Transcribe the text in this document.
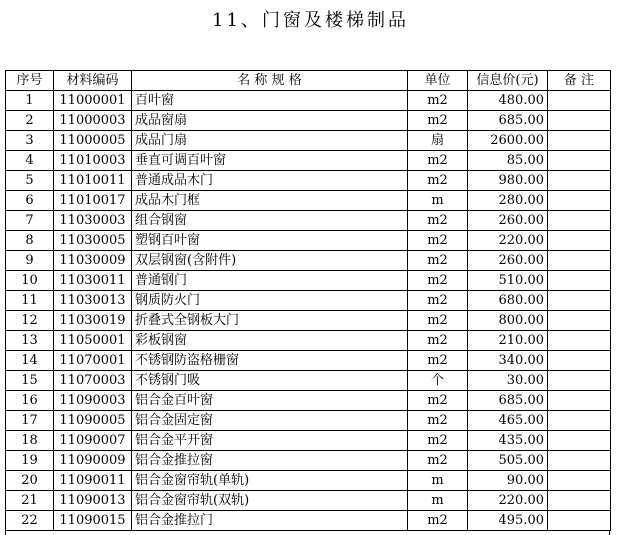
11、门窗及楼梯制品
序号	材料编码	名 称 规 格	单位	信息价(元)	备 注
1	11000001	百叶窗	m2	480.00	
2	11000003	成品窗扇	m2	685.00	
3	11000005	成品门扇	扇	2600.00	
4	11010003	垂直可调百叶窗	m2	85.00	
5	11010011	普通成品木门	m2	980.00	
6	11010017	成品木门框	m	280.00	
7	11030003	组合钢窗	m2	260.00	
8	11030005	塑钢百叶窗	m2	220.00	
9	11030009	双层钢窗(含附件)	m2	260.00	
10	11030011	普通钢门	m2	510.00	
11	11030013	钢质防火门	m2	680.00	
12	11030019	折叠式全钢板大门	m2	800.00	
13	11050001	彩板钢窗	m2	210.00	
14	11070001	不锈钢防盗格栅窗	m2	340.00	
15	11070003	不锈钢门吸	个	30.00	
16	11090003	铝合金百叶窗	m2	685.00	
17	11090005	铝合金固定窗	m2	465.00	
18	11090007	铝合金平开窗	m2	435.00	
19	11090009	铝合金推拉窗	m2	505.00	
20	11090011	铝合金窗帘轨(单轨)	m	90.00	
21	11090013	铝合金窗帘轨(双轨)	m	220.00	
22	11090015	铝合金推拉门	m2	495.00	
